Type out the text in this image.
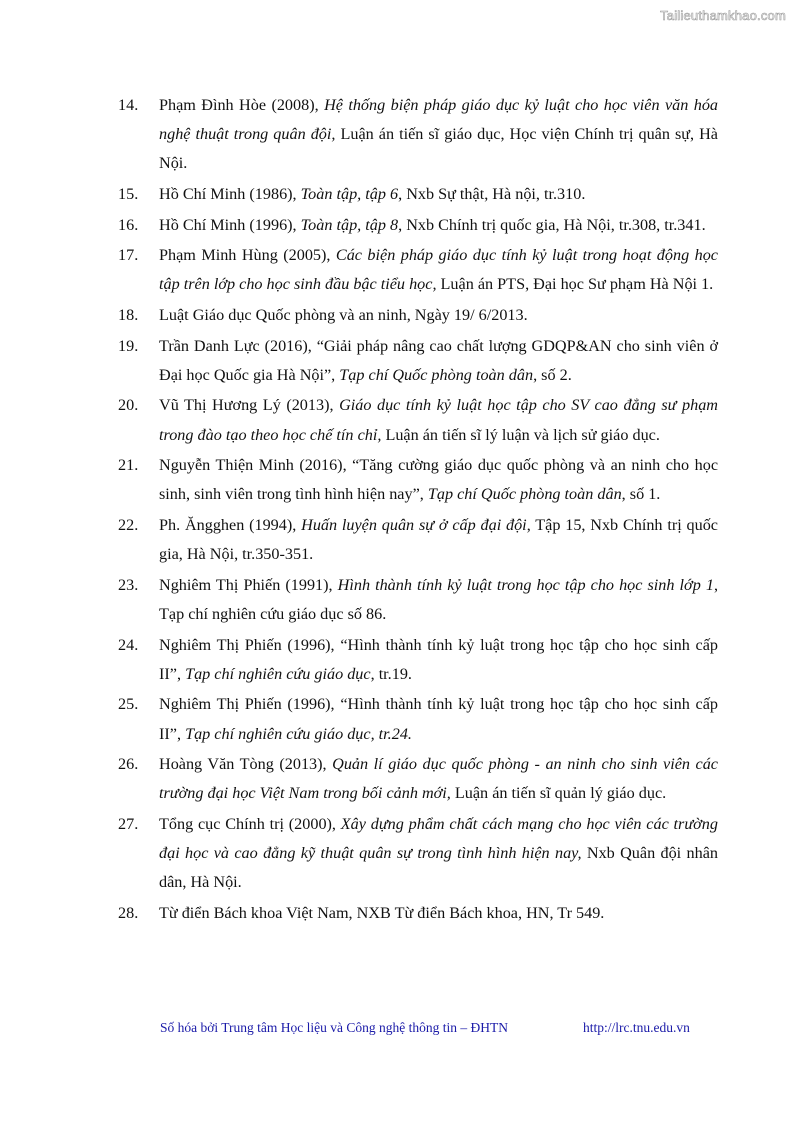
Tailieuthamkhao.com
14.	Phạm Đình Hòe (2008), Hệ thống biện pháp giáo dục kỷ luật cho học viên văn hóa nghệ thuật trong quân đội, Luận án tiến sĩ giáo dục, Học viện Chính trị quân sự, Hà Nội.
15.	Hồ Chí Minh (1986), Toàn tập, tập 6, Nxb Sự thật, Hà nội, tr.310.
16.	Hồ Chí Minh (1996), Toàn tập, tập 8, Nxb Chính trị quốc gia, Hà Nội, tr.308, tr.341.
17.	Phạm Minh Hùng (2005), Các biện pháp giáo dục tính kỷ luật trong hoạt động học tập trên lớp cho học sinh đầu bậc tiểu học, Luận án PTS, Đại học Sư phạm Hà Nội 1.
18.	Luật Giáo dục Quốc phòng và an ninh, Ngày 19/ 6/2013.
19.	Trần Danh Lực (2016), “Giải pháp nâng cao chất lượng GDQP&AN cho sinh viên ở Đại học Quốc gia Hà Nội”, Tạp chí Quốc phòng toàn dân, số 2.
20.	Vũ Thị Hương Lý (2013), Giáo dục tính kỷ luật học tập cho SV cao đẳng sư phạm trong đào tạo theo học chế tín chỉ, Luận án tiến sĩ lý luận và lịch sử giáo dục.
21.	Nguyễn Thiện Minh (2016), “Tăng cường giáo dục quốc phòng và an ninh cho học sinh, sinh viên trong tình hình hiện nay”, Tạp chí Quốc phòng toàn dân, số 1.
22.	Ph. Ăngghen (1994), Huấn luyện quân sự ở cấp đại đội, Tập 15, Nxb Chính trị quốc gia, Hà Nội, tr.350-351.
23.	Nghiêm Thị Phiến (1991), Hình thành tính kỷ luật trong học tập cho học sinh lớp 1, Tạp chí nghiên cứu giáo dục số 86.
24.	Nghiêm Thị Phiến (1996), “Hình thành tính kỷ luật trong học tập cho học sinh cấp II”, Tạp chí nghiên cứu giáo dục, tr.19.
25.	Nghiêm Thị Phiến (1996), “Hình thành tính kỷ luật trong học tập cho học sinh cấp II”, Tạp chí nghiên cứu giáo dục, tr.24.
26.	Hoàng Văn Tòng (2013), Quản lí giáo dục quốc phòng - an ninh cho sinh viên các trường đại học Việt Nam trong bối cảnh mới, Luận án tiến sĩ quản lý giáo dục.
27.	Tổng cục Chính trị (2000), Xây dựng phẩm chất cách mạng cho học viên các trường đại học và cao đẳng kỹ thuật quân sự trong tình hình hiện nay, Nxb Quân đội nhân dân, Hà Nội.
28.	Từ điển Bách khoa Việt Nam, NXB Từ điển Bách khoa, HN, Tr 549.
Số hóa bởi Trung tâm Học liệu và Công nghệ thông tin – ĐHTN	http://lrc.tnu.edu.vn
